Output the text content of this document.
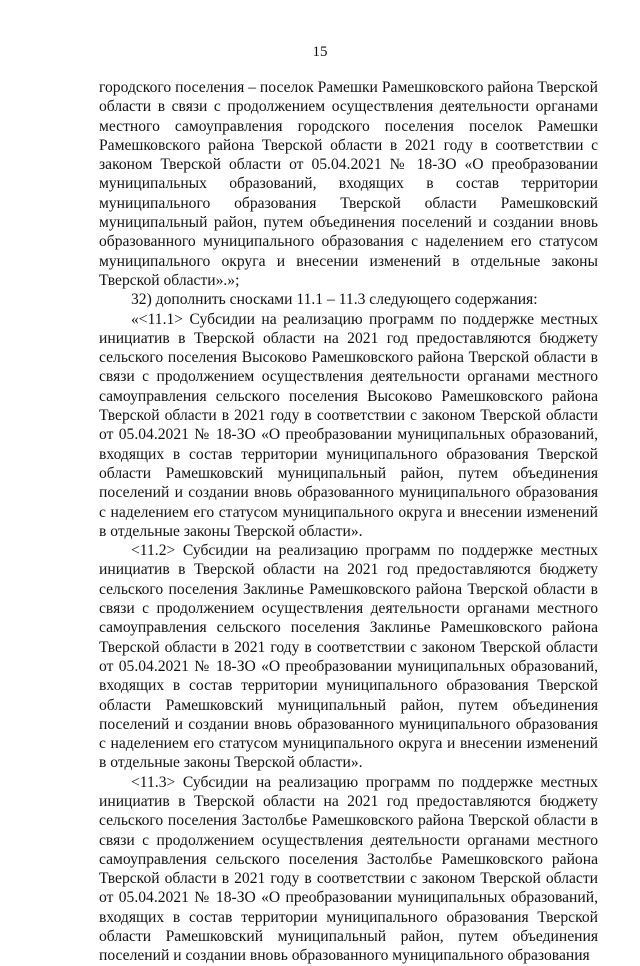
15

городского поселения – поселок Рамешки Рамешковского района Тверской области в связи с продолжением осуществления деятельности органами местного самоуправления городского поселения поселок Рамешки Рамешковского района Тверской области в 2021 году в соответствии с законом Тверской области от 05.04.2021 № 18-ЗО «О преобразовании муниципальных образований, входящих в состав территории муниципального образования Тверской области Рамешковский муниципальный район, путем объединения поселений и создании вновь образованного муниципального образования с наделением его статусом муниципального округа и внесении изменений в отдельные законы Тверской области».»;

32) дополнить сносками 11.1 – 11.3 следующего содержания:

«<11.1> Субсидии на реализацию программ по поддержке местных инициатив в Тверской области на 2021 год предоставляются бюджету сельского поселения Высоково Рамешковского района Тверской области в связи с продолжением осуществления деятельности органами местного самоуправления сельского поселения Высоково Рамешковского района Тверской области в 2021 году в соответствии с законом Тверской области от 05.04.2021 № 18-ЗО «О преобразовании муниципальных образований, входящих в состав территории муниципального образования Тверской области Рамешковский муниципальный район, путем объединения поселений и создании вновь образованного муниципального образования с наделением его статусом муниципального округа и внесении изменений в отдельные законы Тверской области».

<11.2> Субсидии на реализацию программ по поддержке местных инициатив в Тверской области на 2021 год предоставляются бюджету сельского поселения Заклинье Рамешковского района Тверской области в связи с продолжением осуществления деятельности органами местного самоуправления сельского поселения Заклинье Рамешковского района Тверской области в 2021 году в соответствии с законом Тверской области от 05.04.2021 № 18-ЗО «О преобразовании муниципальных образований, входящих в состав территории муниципального образования Тверской области Рамешковский муниципальный район, путем объединения поселений и создании вновь образованного муниципального образования с наделением его статусом муниципального округа и внесении изменений в отдельные законы Тверской области».

<11.3> Субсидии на реализацию программ по поддержке местных инициатив в Тверской области на 2021 год предоставляются бюджету сельского поселения Застолбье Рамешковского района Тверской области в связи с продолжением осуществления деятельности органами местного самоуправления сельского поселения Застолбье Рамешковского района Тверской области в 2021 году в соответствии с законом Тверской области от 05.04.2021 № 18-ЗО «О преобразовании муниципальных образований, входящих в состав территории муниципального образования Тверской области Рамешковский муниципальный район, путем объединения поселений и создании вновь образованного муниципального образования
